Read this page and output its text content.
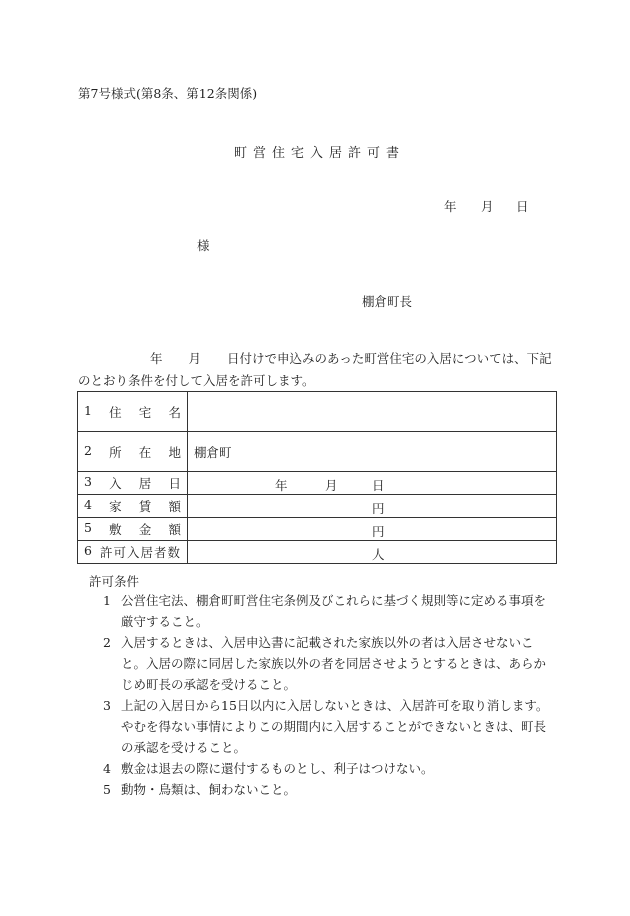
第7号様式(第8条、第12条関係)
町営住宅入居許可書
年 月 日
様
棚倉町長
年 月 日付けで申込みのあった町営住宅の入居については、下記のとおり条件を付して入居を許可します。
1 住 宅 名	

2 所 在 地	棚倉町

3 入 居 日	年 月 日

4 家 賃 額	円

5 敷 金 額	円

6 許可入居者数	人
許可条件
1 公営住宅法、棚倉町町営住宅条例及びこれらに基づく規則等に定める事項を厳守すること。
2 入居するときは、入居申込書に記載された家族以外の者は入居させないこと。入居の際に同居した家族以外の者を同居させようとするときは、あらかじめ町長の承認を受けること。
3 上記の入居日から15日以内に入居しないときは、入居許可を取り消します。やむを得ない事情によりこの期間内に入居することができないときは、町長の承認を受けること。
4 敷金は退去の際に還付するものとし、利子はつけない。
5 動物・鳥類は、飼わないこと。
